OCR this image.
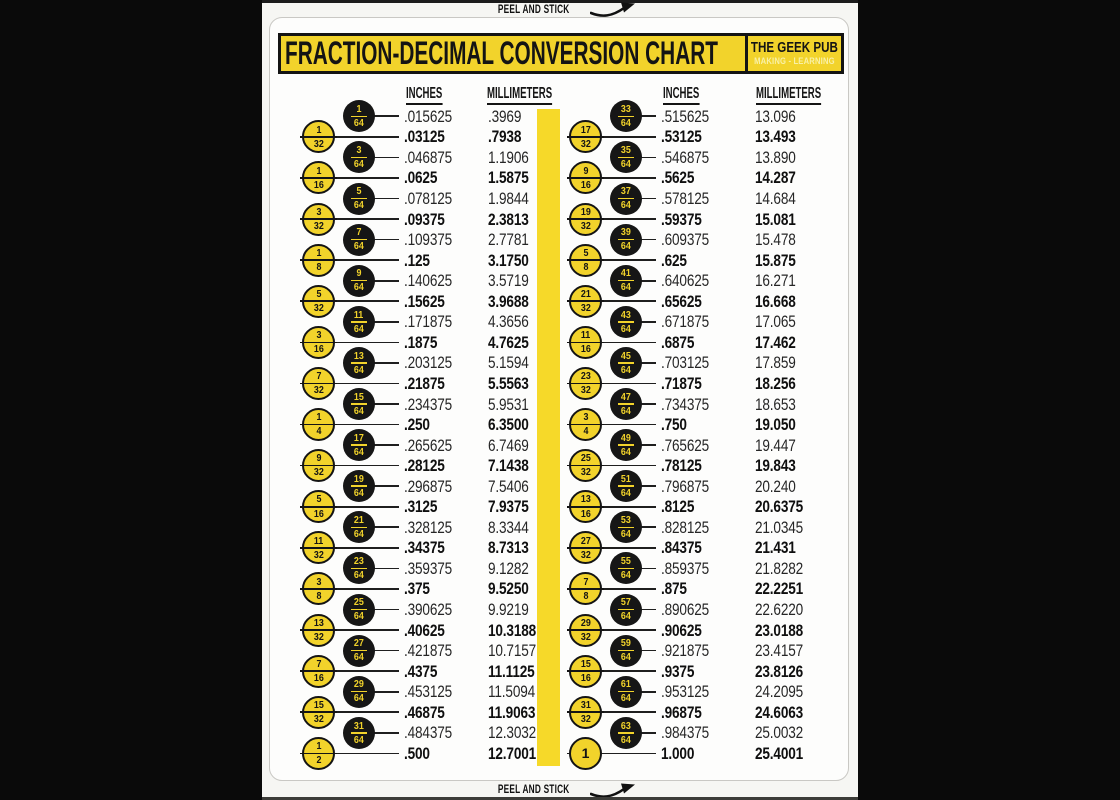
PEEL AND STICK
FRACTION-DECIMAL CONVERSION CHART THE GEEK PUB
MAKING - LEARNING
INCHES	MILLIMETERS	INCHES	MILLIMETERS
1
64 .015625 .3969
1
32	.03125	.7938
3
64 .046875 1.1906
1
16	.0625	1.5875
5
64 .078125 1.9844
3
32	.09375	2.3813
7
64 .109375 2.7781
1
8	.125	3.1750
9
64 .140625 3.5719
5
32	.15625	3.9688
11
64 .171875 4.3656
3
16	.1875	4.7625
13
64 .203125 5.1594
7
32	.21875	5.5563
15
64 .234375 5.9531
1
4	.250	6.3500
17
64 .265625 6.7469
9
32	.28125	7.1438
19
64 .296875 7.5406
5
16	.3125	7.9375
21
64 .328125 8.3344
11
32	.34375	8.7313
23
64 .359375 9.1282
3
8	.375	9.5250
25
64 .390625 9.9219
13
32	.40625	10.3188
27
64 .421875 10.7157
7
16	.4375	11.1125
29
64 .453125 11.5094
15
32	.46875	11.9063
31
64 .484375 12.3032
1
2	.500	12.7001
33
64 .515625	13.096
17
32	.53125	13.493
35
64 .546875	13.890
9
16	.5625	14.287
37
64 .578125	14.684
19
32	.59375	15.081
39
64 .609375	15.478
5
8	.625	15.875
41
64 .640625	16.271
21
32	.65625	16.668
43
64 .671875	17.065
11
16	.6875	17.462
45
64 .703125	17.859
23
32	.71875	18.256
47
64 .734375	18.653
3
4	.750	19.050
49
64 .765625	19.447
25
32	.78125	19.843
51
64 .796875	20.240
13
16	.8125	20.6375
53
64 .828125	21.0345
27
32	.84375	21.431
55
64 .859375	21.8282
7
8	.875	22.2251
57
64 .890625	22.6220
29
32	.90625	23.0188
59
64 .921875	23.4157
15
16	.9375	23.8126
61
64 .953125	24.2095
31
32	.96875	24.6063
63
64 .984375	25.0032
1	1.000	25.4001
PEEL AND STICK
